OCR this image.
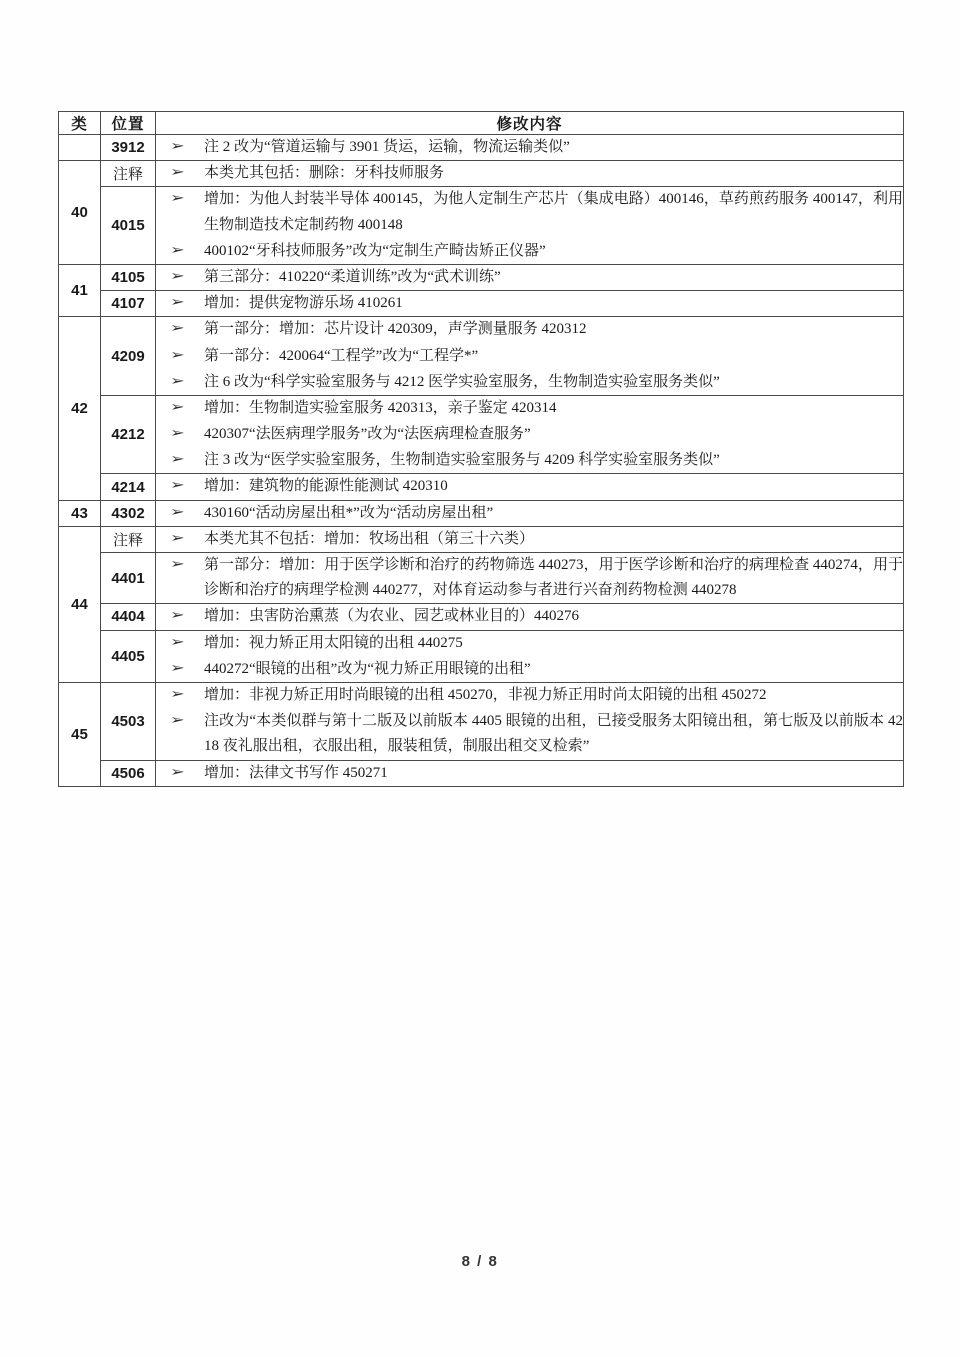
类	位置	修改内容
	3912	➢ 注 2 改为“管道运输与 3901 货运，运输，物流运输类似”

40	注释	➢ 本类尤其包括：删除：牙科技师服务

4015	
➢ 增加：为他人封装半导体 400145，为他人定制生产芯片（集成电路）400146，草药煎药服务 400147，利用生物制造技术定制药物 400148
➢ 400102“牙科技师服务”改为“定制生产畸齿矫正仪器”

41	4105	➢ 第三部分：410220“柔道训练”改为“武术训练”

4107	➢ 增加：提供宠物游乐场 410261

42	4209	
➢ 第一部分：增加：芯片设计 420309，声学测量服务 420312
➢ 第一部分：420064“工程学”改为“工程学*”
➢ 注 6 改为“科学实验室服务与 4212 医学实验室服务，生物制造实验室服务类似”

4212	
➢ 增加：生物制造实验室服务 420313，亲子鉴定 420314
➢ 420307“法医病理学服务”改为“法医病理检查服务”
➢ 注 3 改为“医学实验室服务，生物制造实验室服务与 4209 科学实验室服务类似”

4214	➢ 增加：建筑物的能源性能测试 420310

43	4302	➢ 430160“活动房屋出租*”改为“活动房屋出租”

44	注释	➢ 本类尤其不包括：增加：牧场出租（第三十六类）

4401	
➢ 第一部分：增加：用于医学诊断和治疗的药物筛选 440273，用于医学诊断和治疗的病理检查 440274，用于诊断和治疗的病理学检测 440277，对体育运动参与者进行兴奋剂药物检测 440278

4404	➢ 增加：虫害防治熏蒸（为农业、园艺或林业目的）440276

4405	
➢ 增加：视力矫正用太阳镜的出租 440275
➢ 440272“眼镜的出租”改为“视力矫正用眼镜的出租”

45	4503	
➢ 增加：非视力矫正用时尚眼镜的出租 450270，非视力矫正用时尚太阳镜的出租 450272
➢ 注改为“本类似群与第十二版及以前版本 4405 眼镜的出租，已接受服务太阳镜出租，第七版及以前版本 4218 夜礼服出租，衣服出租，服装租赁，制服出租交叉检索”

4506	➢ 增加：法律文书写作 450271
8 / 8
